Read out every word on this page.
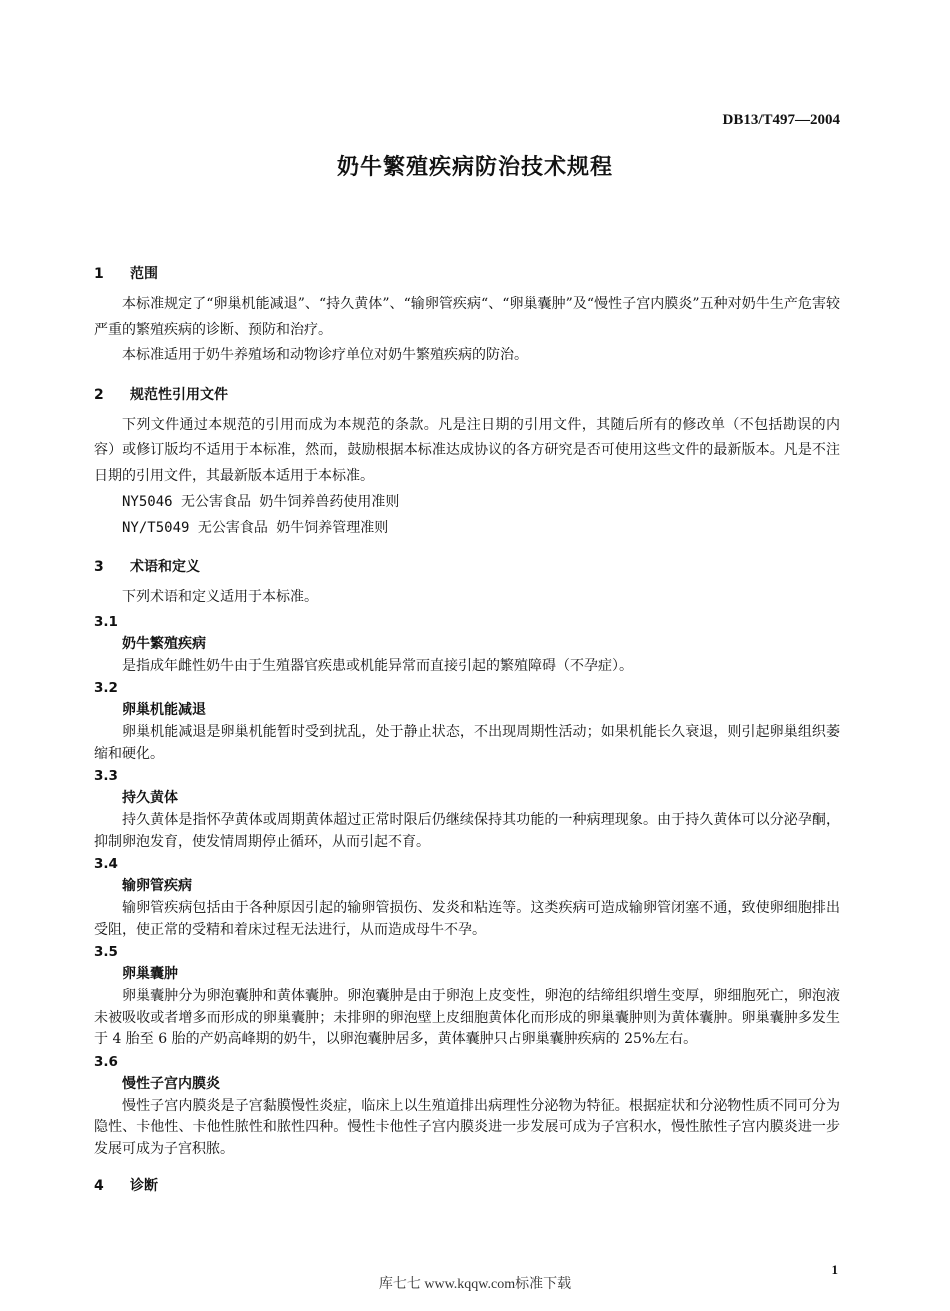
DB13/T497—2004
奶牛繁殖疾病防治技术规程
1 范围

本标准规定了“卵巢机能减退”、“持久黄体”、“输卵管疾病“、“卵巢囊肿”及“慢性子宫内膜炎”五种对奶牛生产危害较严重的繁殖疾病的诊断、预防和治疗。

本标准适用于奶牛养殖场和动物诊疗单位对奶牛繁殖疾病的防治。

2 规范性引用文件

下列文件通过本规范的引用而成为本规范的条款。凡是注日期的引用文件，其随后所有的修改单（不包括勘误的内容）或修订版均不适用于本标准，然而，鼓励根据本标准达成协议的各方研究是否可使用这些文件的最新版本。凡是不注日期的引用文件，其最新版本适用于本标准。

NY5046 无公害食品 奶牛饲养兽药使用准则

NY/T5049 无公害食品 奶牛饲养管理准则

3 术语和定义

下列术语和定义适用于本标准。

3.1
奶牛繁殖疾病

是指成年雌性奶牛由于生殖器官疾患或机能异常而直接引起的繁殖障碍（不孕症）。

3.2
卵巢机能减退

卵巢机能减退是卵巢机能暂时受到扰乱，处于静止状态，不出现周期性活动；如果机能长久衰退，则引起卵巢组织萎缩和硬化。

3.3
持久黄体

持久黄体是指怀孕黄体或周期黄体超过正常时限后仍继续保持其功能的一种病理现象。由于持久黄体可以分泌孕酮，抑制卵泡发育，使发情周期停止循环，从而引起不育。

3.4
输卵管疾病

输卵管疾病包括由于各种原因引起的输卵管损伤、发炎和粘连等。这类疾病可造成输卵管闭塞不通，致使卵细胞排出受阻，使正常的受精和着床过程无法进行，从而造成母牛不孕。

3.5
卵巢囊肿

卵巢囊肿分为卵泡囊肿和黄体囊肿。卵泡囊肿是由于卵泡上皮变性，卵泡的结缔组织增生变厚，卵细胞死亡，卵泡液未被吸收或者增多而形成的卵巢囊肿；未排卵的卵泡壁上皮细胞黄体化而形成的卵巢囊肿则为黄体囊肿。卵巢囊肿多发生于 4 胎至 6 胎的产奶高峰期的奶牛，以卵泡囊肿居多，黄体囊肿只占卵巢囊肿疾病的 25%左右。

3.6
慢性子宫内膜炎

慢性子宫内膜炎是子宫黏膜慢性炎症，临床上以生殖道排出病理性分泌物为特征。根据症状和分泌物性质不同可分为隐性、卡他性、卡他性脓性和脓性四种。慢性卡他性子宫内膜炎进一步发展可成为子宫积水，慢性脓性子宫内膜炎进一步发展可成为子宫积脓。

4 诊断
1
库七七 www.kqqw.com标准下载
